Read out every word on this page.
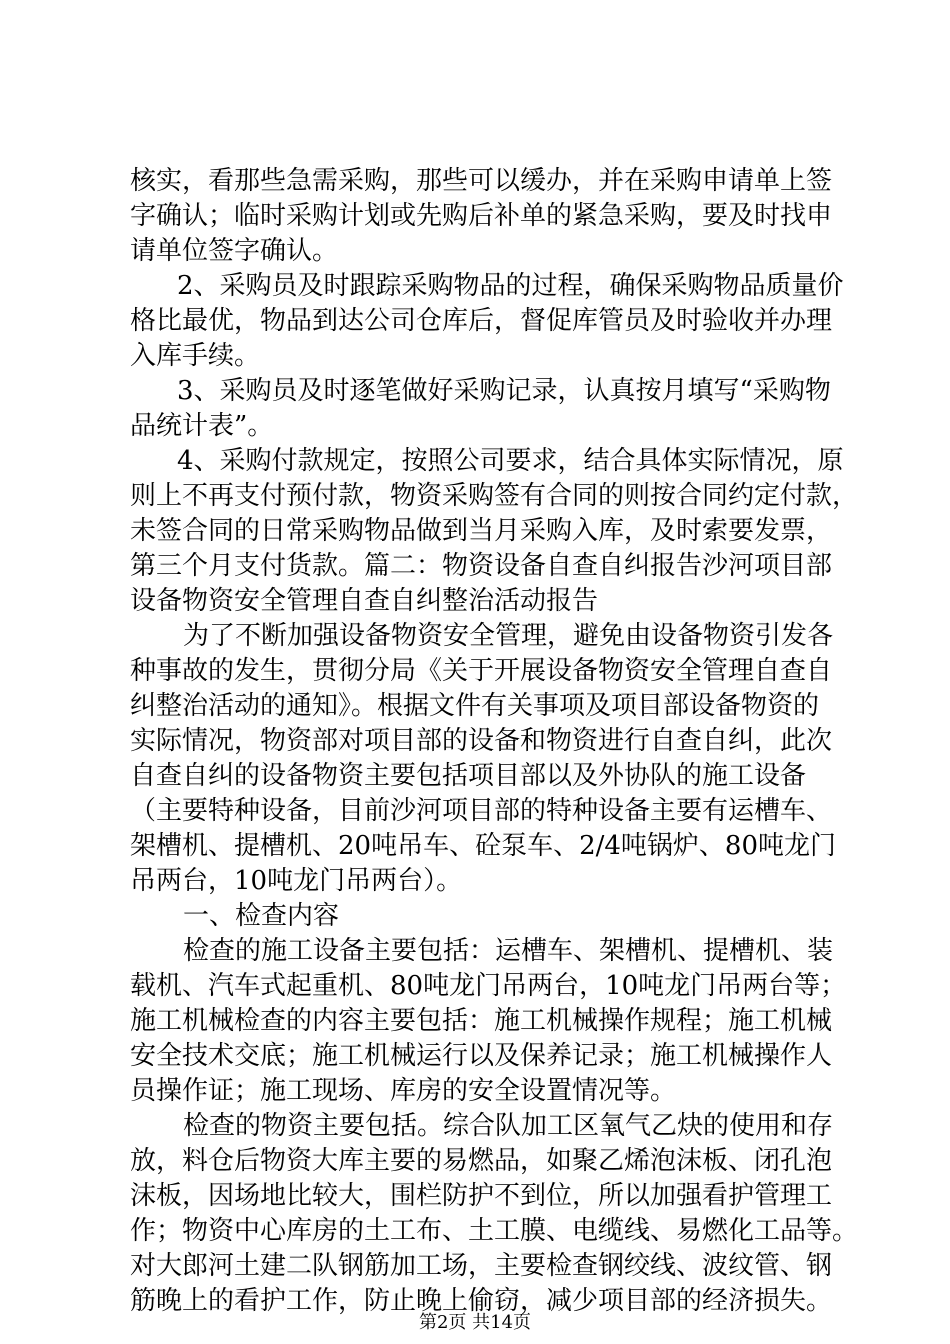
核实，看那些急需采购，那些可以缓办，并在采购申请单上签
字确认；临时采购计划或先购后补单的紧急采购，要及时找申
请单位签字确认。
2、采购员及时跟踪采购物品的过程，确保采购物品质量价
格比最优，物品到达公司仓库后，督促库管员及时验收并办理
入库手续。
3、采购员及时逐笔做好采购记录，认真按月填写“采购物
品统计表”。
4、采购付款规定，按照公司要求，结合具体实际情况，原
则上不再支付预付款，物资采购签有合同的则按合同约定付款，
未签合同的日常采购物品做到当月采购入库，及时索要发票，
第三个月支付货款。篇二：物资设备自查自纠报告沙河项目部
设备物资安全管理自查自纠整治活动报告
为了不断加强设备物资安全管理，避免由设备物资引发各
种事故的发生，贯彻分局《关于开展设备物资安全管理自查自
纠整治活动的通知》。根据文件有关事项及项目部设备物资的
实际情况，物资部对项目部的设备和物资进行自查自纠，此次
自查自纠的设备物资主要包括项目部以及外协队的施工设备
（主要特种设备，目前沙河项目部的特种设备主要有运槽车、
架槽机、提槽机、20吨吊车、砼泵车、2/4吨锅炉、80吨龙门
吊两台，10吨龙门吊两台）。
一、检查内容
检查的施工设备主要包括：运槽车、架槽机、提槽机、装
载机、汽车式起重机、80吨龙门吊两台，10吨龙门吊两台等；
施工机械检查的内容主要包括：施工机械操作规程；施工机械
安全技术交底；施工机械运行以及保养记录；施工机械操作人
员操作证；施工现场、库房的安全设置情况等。
检查的物资主要包括。综合队加工区氧气乙炔的使用和存
放，料仓后物资大库主要的易燃品，如聚乙烯泡沫板、闭孔泡
沫板，因场地比较大，围栏防护不到位，所以加强看护管理工
作；物资中心库房的土工布、土工膜、电缆线、易燃化工品等。
对大郎河土建二队钢筋加工场，主要检查钢绞线、波纹管、钢
筋晚上的看护工作，防止晚上偷窃，减少项目部的经济损失。
第2页 共14页
